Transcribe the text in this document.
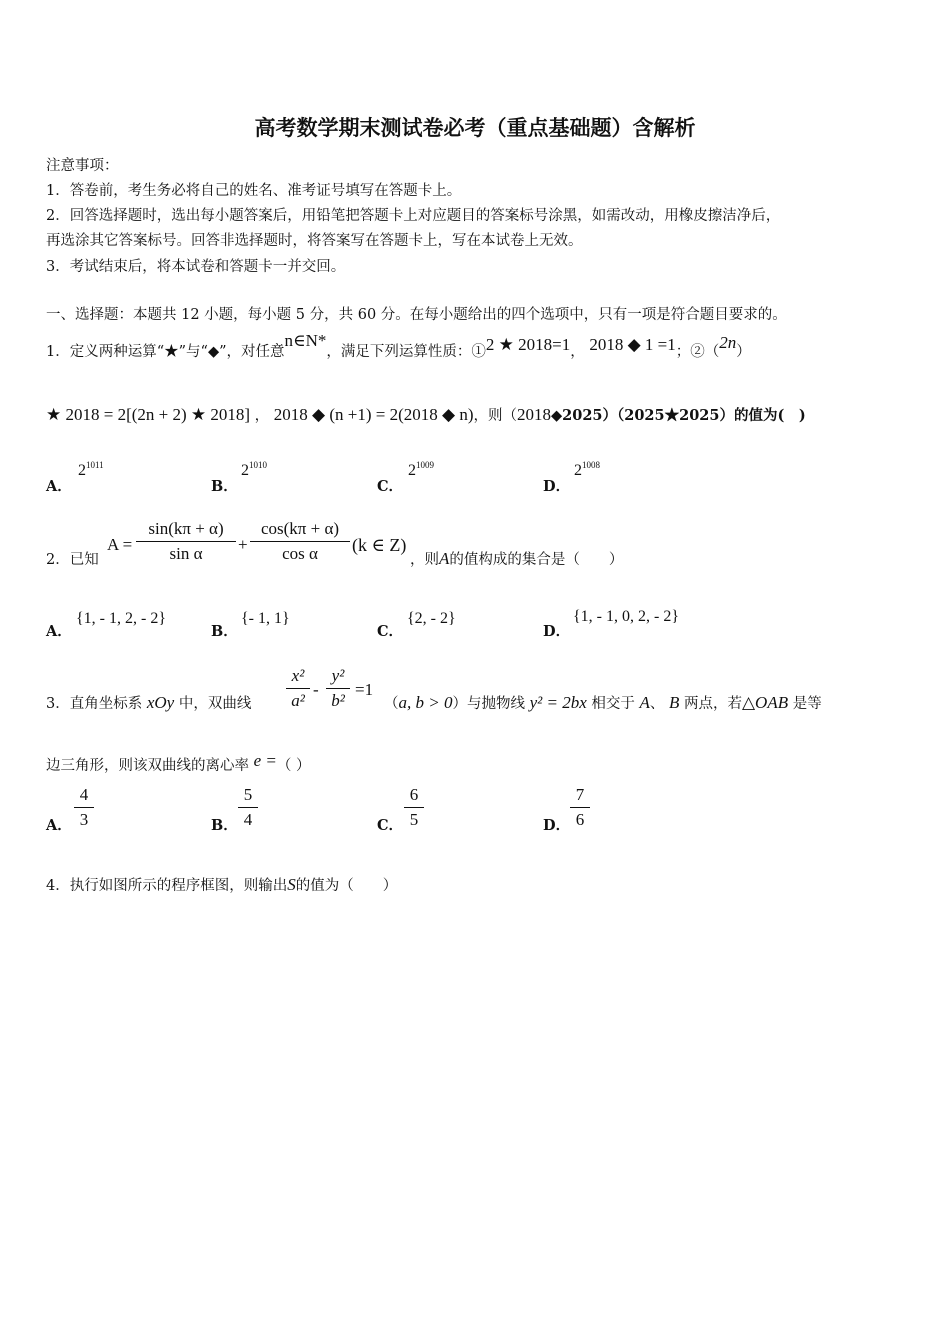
高考数学期末测试卷必考（重点基础题）含解析
注意事项：
1．答卷前，考生务必将自己的姓名、准考证号填写在答题卡上。
2．回答选择题时，选出每小题答案后，用铅笔把答题卡上对应题目的答案标号涂黑，如需改动，用橡皮擦洁净后，
再选涂其它答案标号。回答非选择题时，将答案写在答题卡上，写在本试卷上无效。
3．考试结束后，将本试卷和答题卡一并交回。
一、选择题：本题共 12 小题，每小题 5 分，共 60 分。在每小题给出的四个选项中，只有一项是符合题目要求的。
1．定义两种运算“★”与“◆”，对任意n∈N*，满足下列运算性质：①2 ★ 2018=1， 2018 ◆ 1 =1；②（2n）
★ 2018 = 2[(2n + 2) ★ 2018] ， 2018 ◆ (n +1) = 2(2018 ◆ n)，则（2018◆2025）（2025★2025）的值为(　)
A．
$2^{1011}$
B．
$2^{1010}$
C．
$2^{1009}$
D．
$2^{1008}$
2．已知
A =
sin(kπ + α)
sin α	+
cos(kπ + α)
cos α	(k ∈ Z)
，则A的值构成的集合是（　　）
A．
{1, - 1, 2, - 2}
B．
{- 1, 1}
C．
{2, - 2}
D．
{1, - 1, 0, 2, - 2}
3．直角坐标系 xOy 中，双曲线
x²
a²
-
y²
b²
=1
（a, b > 0）与抛物线 y² = 2bx 相交于 A、 B 两点，若△OAB 是等
边三角形，则该双曲线的离心率 e =（ ）
A．
4
3	B．
5
4	C．
6
5	D．
7
6
4．执行如图所示的程序框图，则输出S的值为（　　）
